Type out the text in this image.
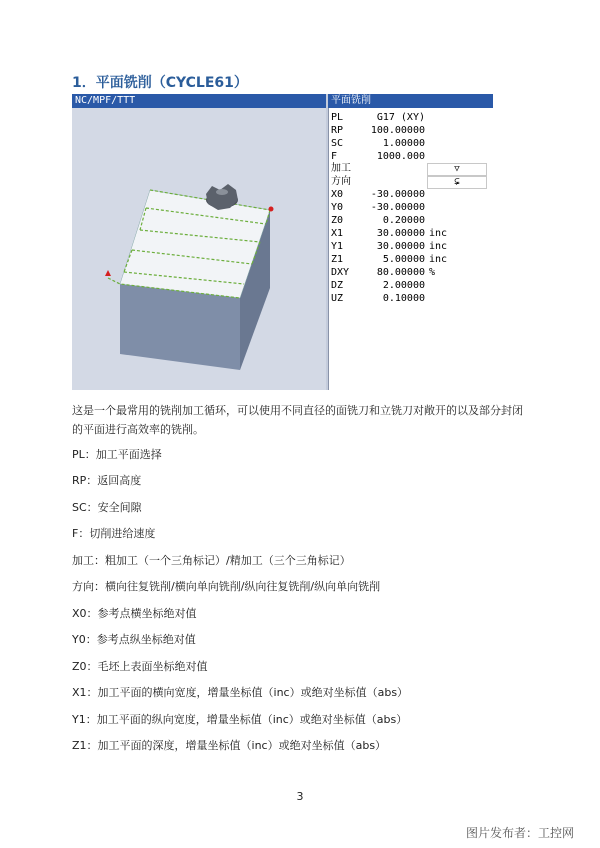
1．平面铣削（CYCLE61）
NC/MPF/TTT	平面铣削
PL	G17 (XY)
RP	100.00000
SC	1.00000
F	1000.000
加工	▽
方向	⊊
X0	-30.00000
Y0	-30.00000
Z0	0.20000
X1	30.00000 inc
Y1	30.00000 inc
Z1	5.00000 inc
DXY	80.00000 %
DZ	2.00000
UZ	0.10000
这是一个最常用的铣削加工循环，可以使用不同直径的面铣刀和立铣刀对敞开的以及部分封闭
的平面进行高效率的铣削。
PL：加工平面选择
RP：返回高度
SC：安全间隙
F：切削进给速度
加工：粗加工（一个三角标记）/精加工（三个三角标记）
方向：横向往复铣削/横向单向铣削/纵向往复铣削/纵向单向铣削
X0：参考点横坐标绝对值
Y0：参考点纵坐标绝对值
Z0：毛坯上表面坐标绝对值
X1：加工平面的横向宽度，增量坐标值（inc）或绝对坐标值（abs）
Y1：加工平面的纵向宽度，增量坐标值（inc）或绝对坐标值（abs）
Z1：加工平面的深度，增量坐标值（inc）或绝对坐标值（abs）
3
图片发布者：工控网
